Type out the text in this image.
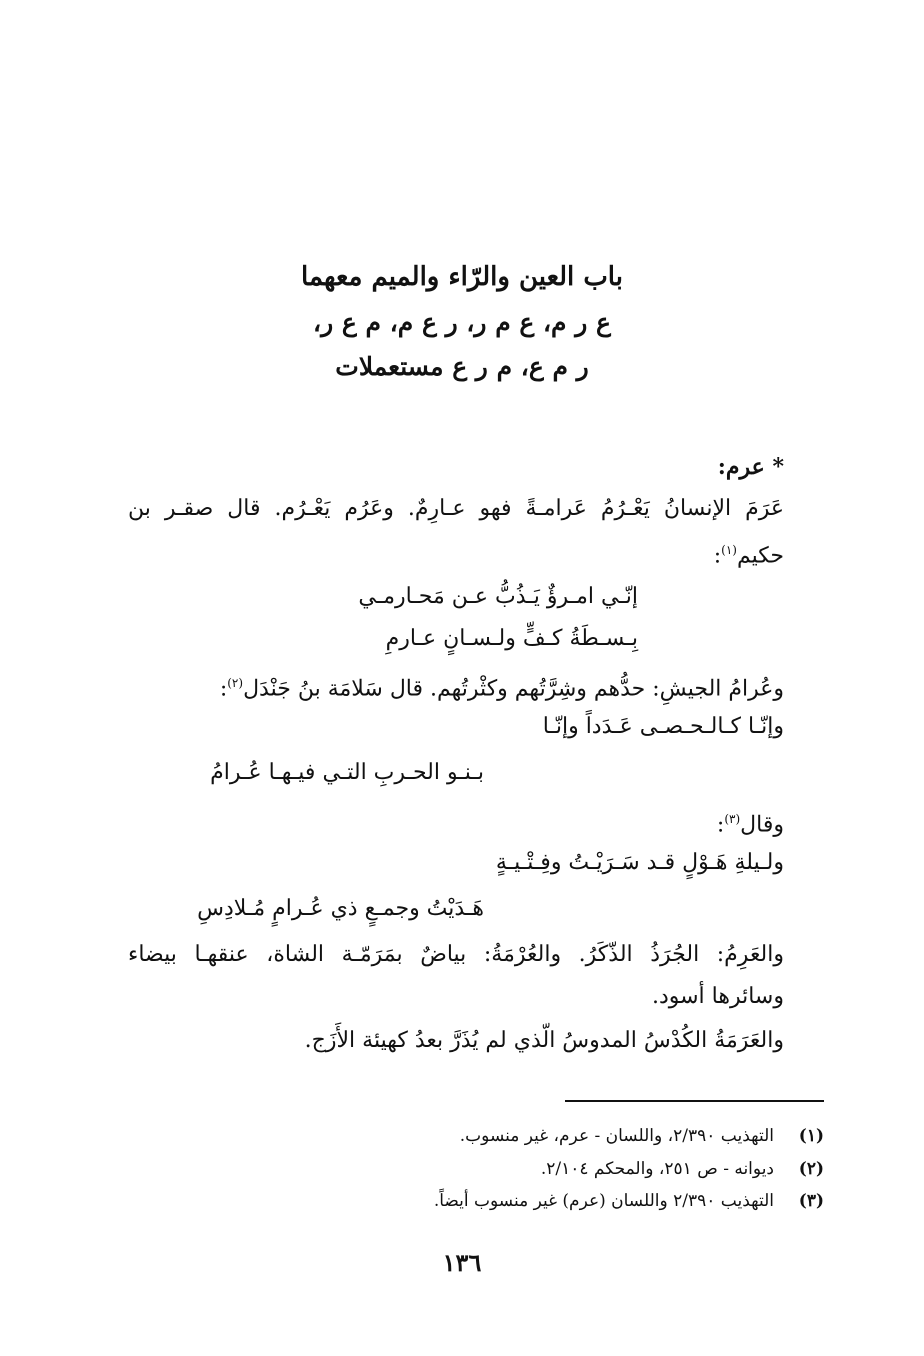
باب العين والرّاء والميم معهما
ع ر م، ع م ر، ر ع م، م ع ر،
ر م ع، م ر ع مستعملات
* عرم:
عَرَمَ الإنسانُ يَعْـرُمُ عَرامـةً فهو عـارِمٌ. وعَرُم يَعْـرُم. قال صقـر بن
حكيم$^{(١)}$:
إنّـي امـرؤٌ يَـذُبُّ عـن مَحـارمـي
بِـسـطَةُ كـفٍّ ولـسـانٍ عـارمِ
وعُرامُ الجيشِ: حدُّهم وشِرَّتُهم وكثْرتُهم. قال سَلامَة بنُ جَنْدَل$^{(٢)}$:
وإنّـا كـالـحـصـى عَـدَداً وإنّـا
بـنـو الحـربِ التـي فيـهـا عُـرامُ
وقال$^{(٣)}$:
ولـيلةِ هَـوْلٍ قـد سَـرَيْـتُ وفِـتْـيـةٍ
هَـدَيْتُ وجمـعٍ ذي عُـرامٍ مُـلادِسِ
والعَرِمُ: الجُرَذُ الذّكَرُ. والعُرْمَةُ: بياضٌ بمَرَمّـة الشاة، عنقهـا بيضاء
وسائرها أسود.
والعَرَمَةُ الكُدْسُ المدوسُ الّذي لم يُذَرَّ بعدُ كهيئة الأَزَج.
(١)التهذيب ٢/٣٩٠، واللسان - عرم، غير منسوب.
(٢)ديوانه - ص ٢٥١، والمحكم ٢/١٠٤.
(٣)التهذيب ٢/٣٩٠ واللسان (عرم) غير منسوب أيضاً.
١٣٦
